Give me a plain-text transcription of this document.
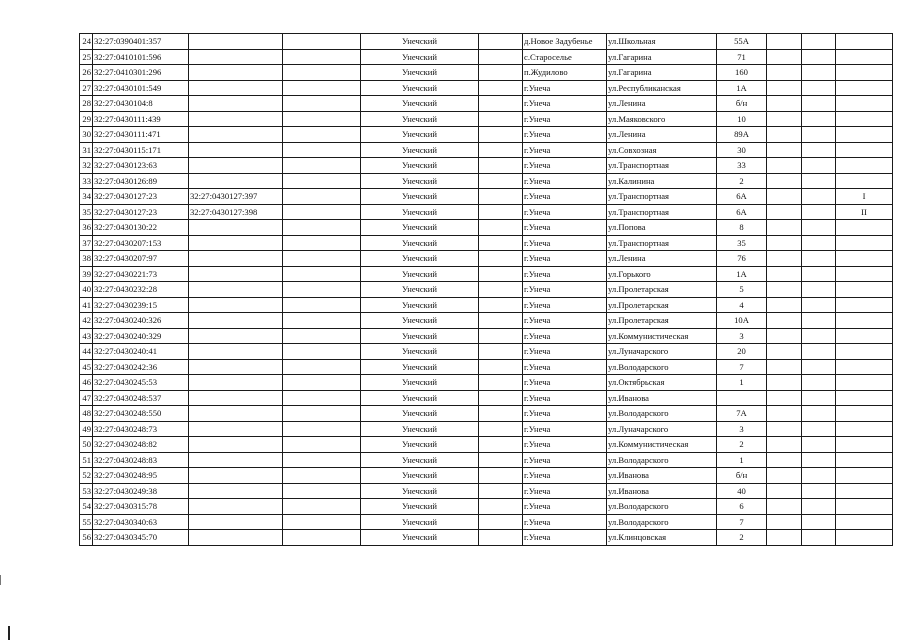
24	32:27:0390401:357			Унечский		д.Новое Задубенье	ул.Школьная	55А			
25	32:27:0410101:596			Унечский		с.Староселье	ул.Гагарина	71			
26	32:27:0410301:296			Унечский		п.Жудилово	ул.Гагарина	160			
27	32:27:0430101:549			Унечский		г.Унеча	ул.Республиканская	1А			
28	32:27:0430104:8			Унечский		г.Унеча	ул.Ленина	б/н			
29	32:27:0430111:439			Унечский		г.Унеча	ул.Маяковского	10			
30	32:27:0430111:471			Унечский		г.Унеча	ул.Ленина	89А			
31	32:27:0430115:171			Унечский		г.Унеча	ул.Совхозная	30			
32	32:27:0430123:63			Унечский		г.Унеча	ул.Транспортная	33			
33	32:27:0430126:89			Унечский		г.Унеча	ул.Калинина	2			
34	32:27:0430127:23	32:27:0430127:397		Унечский		г.Унеча	ул.Транспортная	6А			I
35	32:27:0430127:23	32:27:0430127:398		Унечский		г.Унеча	ул.Транспортная	6А			II
36	32:27:0430130:22			Унечский		г.Унеча	ул.Попова	8			
37	32:27:0430207:153			Унечский		г.Унеча	ул.Транспортная	35			
38	32:27:0430207:97			Унечский		г.Унеча	ул.Ленина	76			
39	32:27:0430221:73			Унечский		г.Унеча	ул.Горького	1А			
40	32:27:0430232:28			Унечский		г.Унеча	ул.Пролетарская	5			
41	32:27:0430239:15			Унечский		г.Унеча	ул.Пролетарская	4			
42	32:27:0430240:326			Унечский		г.Унеча	ул.Пролетарская	10А			
43	32:27:0430240:329			Унечский		г.Унеча	ул.Коммунистическая	3			
44	32:27:0430240:41			Унечский		г.Унеча	ул.Луначарского	20			
45	32:27:0430242:36			Унечский		г.Унеча	ул.Володарского	7			
46	32:27:0430245:53			Унечский		г.Унеча	ул.Октябрьская	1			
47	32:27:0430248:537			Унечский		г.Унеча	ул.Иванова				
48	32:27:0430248:550			Унечский		г.Унеча	ул.Володарского	7А			
49	32:27:0430248:73			Унечский		г.Унеча	ул.Луначарского	3			
50	32:27:0430248:82			Унечский		г.Унеча	ул.Коммунистическая	2			
51	32:27:0430248:83			Унечский		г.Унеча	ул.Володарского	1			
52	32:27:0430248:95			Унечский		г.Унеча	ул.Иванова	б/н			
53	32:27:0430249:38			Унечский		г.Унеча	ул.Иванова	40			
54	32:27:0430315:78			Унечский		г.Унеча	ул.Володарского	6			
55	32:27:0430340:63			Унечский		г.Унеча	ул.Володарского	7			
56	32:27:0430345:70			Унечский		г.Унеча	ул.Клинцовская	2			
